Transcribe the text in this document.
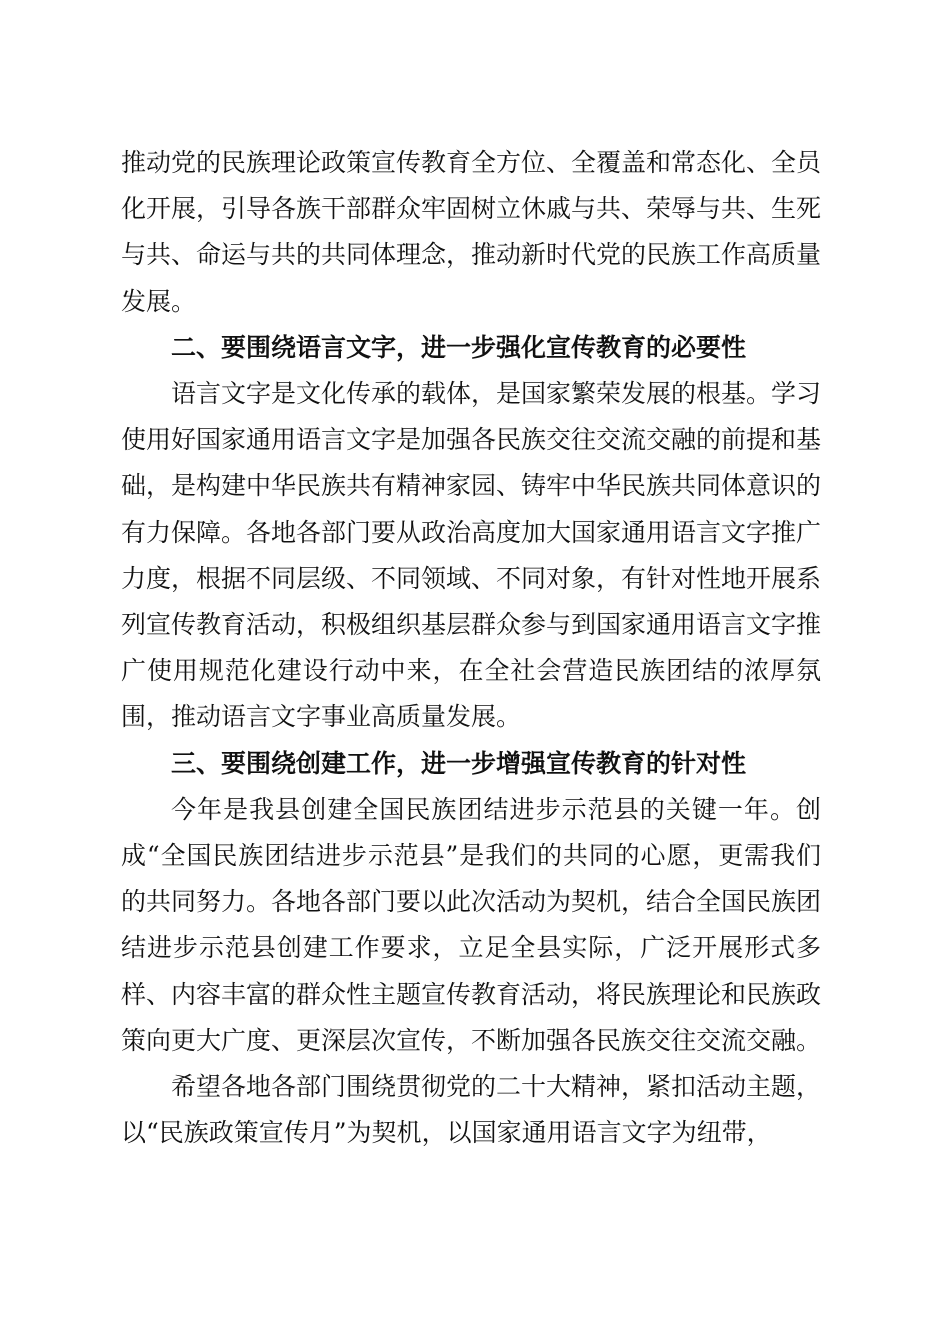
推动党的民族理论政策宣传教育全方位、全覆盖和常态化、全员化开展，引导各族干部群众牢固树立休戚与共、荣辱与共、生死与共、命运与共的共同体理念，推动新时代党的民族工作高质量发展。

二、要围绕语言文字，进一步强化宣传教育的必要性

语言文字是文化传承的载体，是国家繁荣发展的根基。学习使用好国家通用语言文字是加强各民族交往交流交融的前提和基础，是构建中华民族共有精神家园、铸牢中华民族共同体意识的有力保障。各地各部门要从政治高度加大国家通用语言文字推广力度，根据不同层级、不同领域、不同对象，有针对性地开展系列宣传教育活动，积极组织基层群众参与到国家通用语言文字推广使用规范化建设行动中来，在全社会营造民族团结的浓厚氛围，推动语言文字事业高质量发展。

三、要围绕创建工作，进一步增强宣传教育的针对性

今年是我县创建全国民族团结进步示范县的关键一年。创成“全国民族团结进步示范县”是我们的共同的心愿，更需我们的共同努力。各地各部门要以此次活动为契机，结合全国民族团结进步示范县创建工作要求，立足全县实际，广泛开展形式多样、内容丰富的群众性主题宣传教育活动，将民族理论和民族政策向更大广度、更深层次宣传，不断加强各民族交往交流交融。

希望各地各部门围绕贯彻党的二十大精神，紧扣活动主题，以“民族政策宣传月”为契机，以国家通用语言文字为纽带，
